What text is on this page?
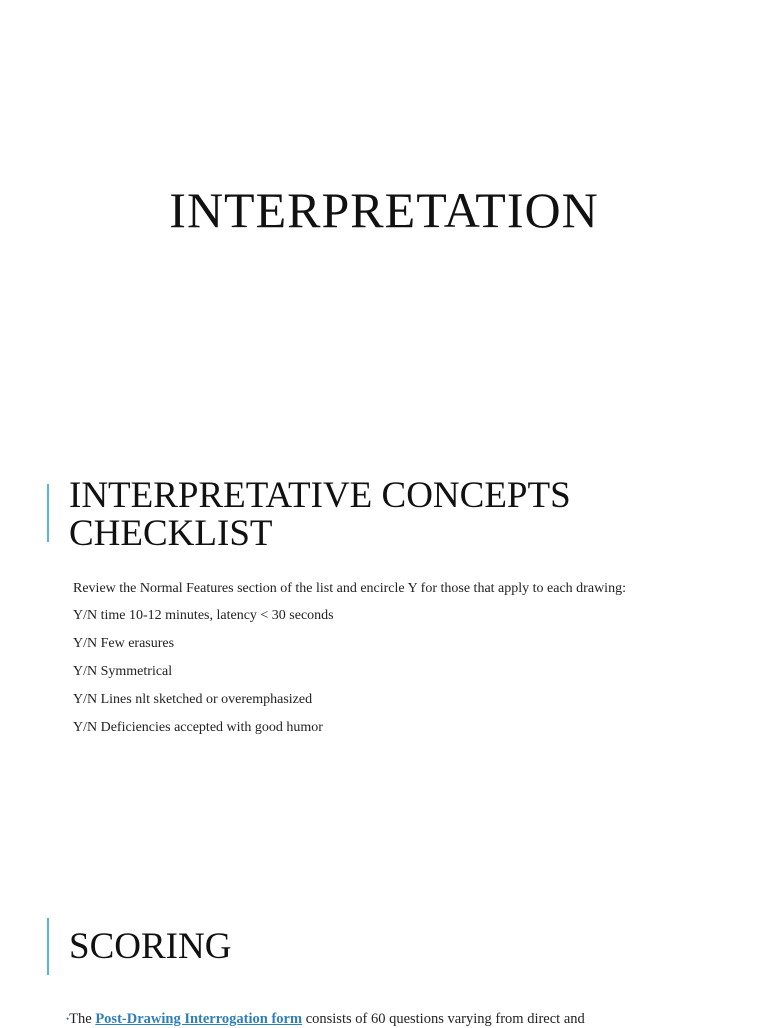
INTERPRETATION
INTERPRETATIVE CONCEPTS
CHECKLIST

Review the Normal Features section of the list and encircle Y for those that apply to each drawing:

Y/N time 10-12 minutes, latency < 30 seconds

Y/N Few erasures

Y/N Symmetrical

Y/N Lines nlt sketched or overemphasized

Y/N Deficiencies accepted with good humor

SCORING
•The Post-Drawing Interrogation form consists of 60 questions varying from direct and
